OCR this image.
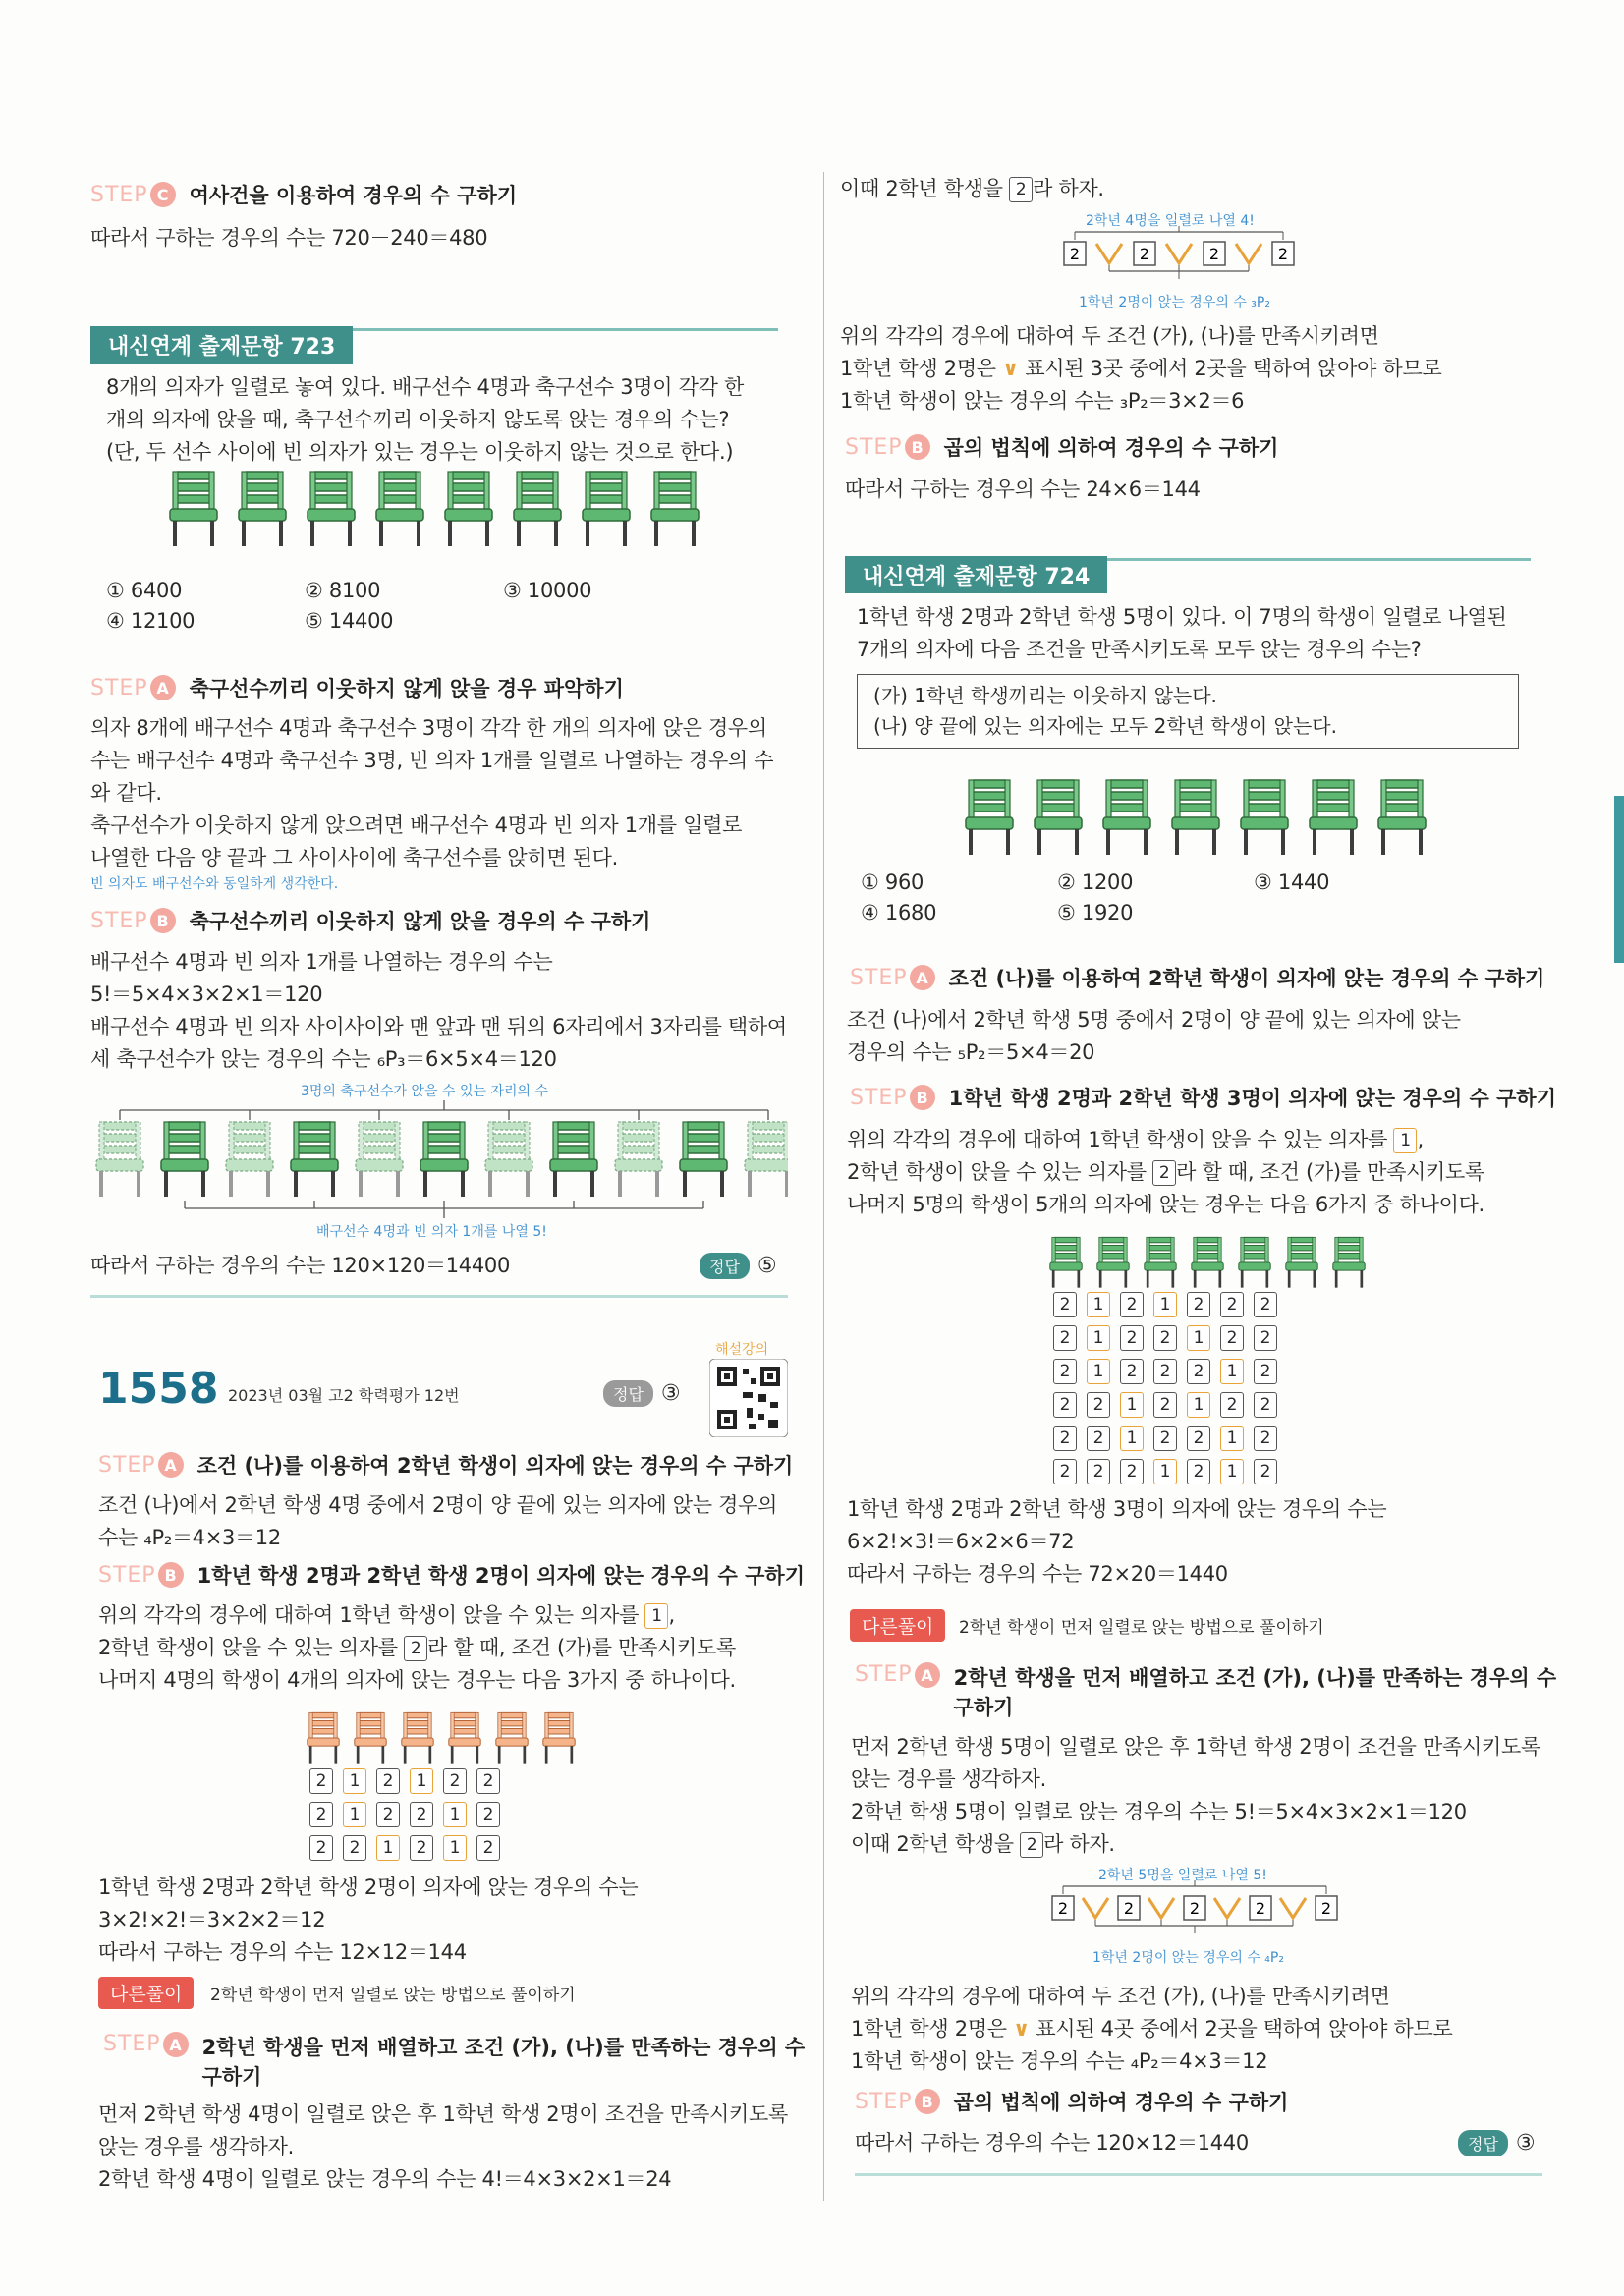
STEP C	여사건을 이용하여 경우의 수 구하기
따라서 구하는 경우의 수는 720－240＝480
내신연계 출제문항 723
8개의 의자가 일렬로 놓여 있다. 배구선수 4명과 축구선수 3명이 각각 한
개의 의자에 앉을 때, 축구선수끼리 이웃하지 않도록 앉는 경우의 수는?
(단, 두 선수 사이에 빈 의자가 있는 경우는 이웃하지 않는 것으로 한다.)
① 6400	② 8100	③ 10000
④ 12100	⑤ 14400
STEP A 축구선수끼리 이웃하지 않게 앉을 경우 파악하기
의자 8개에 배구선수 4명과 축구선수 3명이 각각 한 개의 의자에 앉은 경우의
수는 배구선수 4명과 축구선수 3명, 빈 의자 1개를 일렬로 나열하는 경우의 수
와 같다.
축구선수가 이웃하지 않게 앉으려면 배구선수 4명과 빈 의자 1개를 일렬로
나열한 다음 양 끝과 그 사이사이에 축구선수를 앉히면 된다.
빈 의자도 배구선수와 동일하게 생각한다.
STEP B 축구선수끼리 이웃하지 않게 앉을 경우의 수 구하기
배구선수 4명과 빈 의자 1개를 나열하는 경우의 수는
5!＝5×4×3×2×1＝120
배구선수 4명과 빈 의자 사이사이와 맨 앞과 맨 뒤의 6자리에서 3자리를 택하여
세 축구선수가 앉는 경우의 수는 ₆P₃＝6×5×4＝120
3명의 축구선수가 앉을 수 있는 자리의 수
배구선수 4명과 빈 의자 1개를 나열 5!
따라서 구하는 경우의 수는 120×120＝14400	정답 ⑤
1558 2023년 03월 고2 학력평가 12번	정답 ③
해설강의
STEP A 조건 (나)를 이용하여 2학년 학생이 의자에 앉는 경우의 수 구하기
조건 (나)에서 2학년 학생 4명 중에서 2명이 양 끝에 있는 의자에 앉는 경우의
수는 ₄P₂＝4×3＝12
STEP B 1학년 학생 2명과 2학년 학생 2명이 의자에 앉는 경우의 수 구하기
위의 각각의 경우에 대하여 1학년 학생이 앉을 수 있는 의자를 1 ,
2학년 학생이 앉을 수 있는 의자를 2 라 할 때, 조건 (가)를 만족시키도록
나머지 4명의 학생이 4개의 의자에 앉는 경우는 다음 3가지 중 하나이다.
2	1	2	1	2	2
2	1	2	2	1	2
2	2	1	2	1	2
1학년 학생 2명과 2학년 학생 2명이 의자에 앉는 경우의 수는
3×2!×2!＝3×2×2＝12
따라서 구하는 경우의 수는 12×12＝144
다른풀이	2학년 학생이 먼저 일렬로 앉는 방법으로 풀이하기
STEP A 2학년 학생을 먼저 배열하고 조건 (가), (나)를 만족하는 경우의 수
구하기
먼저 2학년 학생 4명이 일렬로 앉은 후 1학년 학생 2명이 조건을 만족시키도록
앉는 경우를 생각하자.
2학년 학생 4명이 일렬로 앉는 경우의 수는 4!＝4×3×2×1＝24
이때 2학년 학생을 2 라 하자.
2학년 4명을 일렬로 나열 4!
2	2	2	2
1학년 2명이 앉는 경우의 수 ₃P₂
위의 각각의 경우에 대하여 두 조건 (가), (나)를 만족시키려면
1학년 학생 2명은 ∨ 표시된 3곳 중에서 2곳을 택하여 앉아야 하므로
1학년 학생이 앉는 경우의 수는 ₃P₂＝3×2＝6
STEP B 곱의 법칙에 의하여 경우의 수 구하기
따라서 구하는 경우의 수는 24×6＝144
내신연계 출제문항 724
1학년 학생 2명과 2학년 학생 5명이 있다. 이 7명의 학생이 일렬로 나열된
7개의 의자에 다음 조건을 만족시키도록 모두 앉는 경우의 수는?
(가) 1학년 학생끼리는 이웃하지 않는다.
(나) 양 끝에 있는 의자에는 모두 2학년 학생이 앉는다.
① 960	② 1200	③ 1440
④ 1680	⑤ 1920
STEP A 조건 (나)를 이용하여 2학년 학생이 의자에 앉는 경우의 수 구하기
조건 (나)에서 2학년 학생 5명 중에서 2명이 양 끝에 있는 의자에 앉는
경우의 수는 ₅P₂＝5×4＝20
STEP B 1학년 학생 2명과 2학년 학생 3명이 의자에 앉는 경우의 수 구하기
위의 각각의 경우에 대하여 1학년 학생이 앉을 수 있는 의자를 1 ,
2학년 학생이 앉을 수 있는 의자를 2 라 할 때, 조건 (가)를 만족시키도록
나머지 5명의 학생이 5개의 의자에 앉는 경우는 다음 6가지 중 하나이다.
2	1	2	1	2	2	2
2	1	2	2	1	2	2
2	1	2	2	2	1	2
2	2	1	2	1	2	2
2	2	1	2	2	1	2
2	2	2	1	2	1	2
1학년 학생 2명과 2학년 학생 3명이 의자에 앉는 경우의 수는
6×2!×3!＝6×2×6＝72
따라서 구하는 경우의 수는 72×20＝1440
다른풀이	2학년 학생이 먼저 일렬로 앉는 방법으로 풀이하기
STEP A 2학년 학생을 먼저 배열하고 조건 (가), (나)를 만족하는 경우의 수
구하기
먼저 2학년 학생 5명이 일렬로 앉은 후 1학년 학생 2명이 조건을 만족시키도록
앉는 경우를 생각하자.
2학년 학생 5명이 일렬로 앉는 경우의 수는 5!＝5×4×3×2×1＝120
이때 2학년 학생을 2 라 하자.
2학년 5명을 일렬로 나열 5!
2	2	2	2	2
1학년 2명이 앉는 경우의 수 ₄P₂
위의 각각의 경우에 대하여 두 조건 (가), (나)를 만족시키려면
1학년 학생 2명은 ∨ 표시된 4곳 중에서 2곳을 택하여 앉아야 하므로
1학년 학생이 앉는 경우의 수는 ₄P₂＝4×3＝12
STEP B 곱의 법칙에 의하여 경우의 수 구하기
따라서 구하는 경우의 수는 120×12＝1440	정답 ③
